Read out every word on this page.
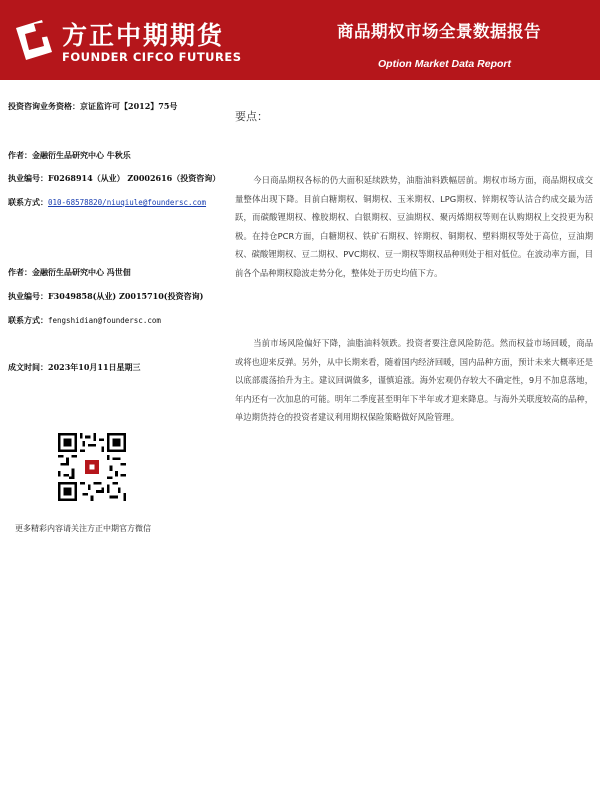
方正中期期货
FOUNDER CIFCO FUTURES
商品期权市场全景数据报告
Option Market Data Report
投资咨询业务资格：京证监许可【2012】75号
作者：金融衍生品研究中心 牛秋乐
执业编号：F0268914（从业） Z0002616（投资咨询）
联系方式：010-68578820/niuqiule@foundersc.com
作者：金融衍生品研究中心 冯世佃
执业编号：F3049858(从业) Z0015710(投资咨询)
联系方式：fengshidian@foundersc.com
成文时间：2023年10月11日星期三
更多精彩内容请关注方正中期官方微信
要点：

今日商品期权各标的仍大面积延续跌势，油脂油料跌幅居前。期权市场方面，商品期权成交量整体出现下降。目前白糖期权、铜期权、玉米期权、LPG期权、锌期权等认沽合约成交最为活跃，而碳酸锂期权、橡胶期权、白银期权、豆油期权、聚丙烯期权等则在认购期权上交投更为积极。在持仓PCR方面，白糖期权、铁矿石期权、锌期权、铜期权、塑料期权等处于高位，豆油期权、碳酸锂期权、豆二期权、PVC期权、豆一期权等期权品种则处于相对低位。在波动率方面，目前各个品种期权隐波走势分化，整体处于历史均值下方。

当前市场风险偏好下降，油脂油料领跌。投资者要注意风险防范。然而权益市场回暖，商品或将也迎来反弹。另外，从中长期来看，随着国内经济回暖，国内品种方面，预计未来大概率还是以底部震荡抬升为主。建议回调做多，谨慎追涨。海外宏观仍存较大不确定性，9月不加息落地，年内还有一次加息的可能。明年二季度甚至明年下半年或才迎来降息。与海外关联度较高的品种，单边期货持仓的投资者建议利用期权保险策略做好风险管理。
